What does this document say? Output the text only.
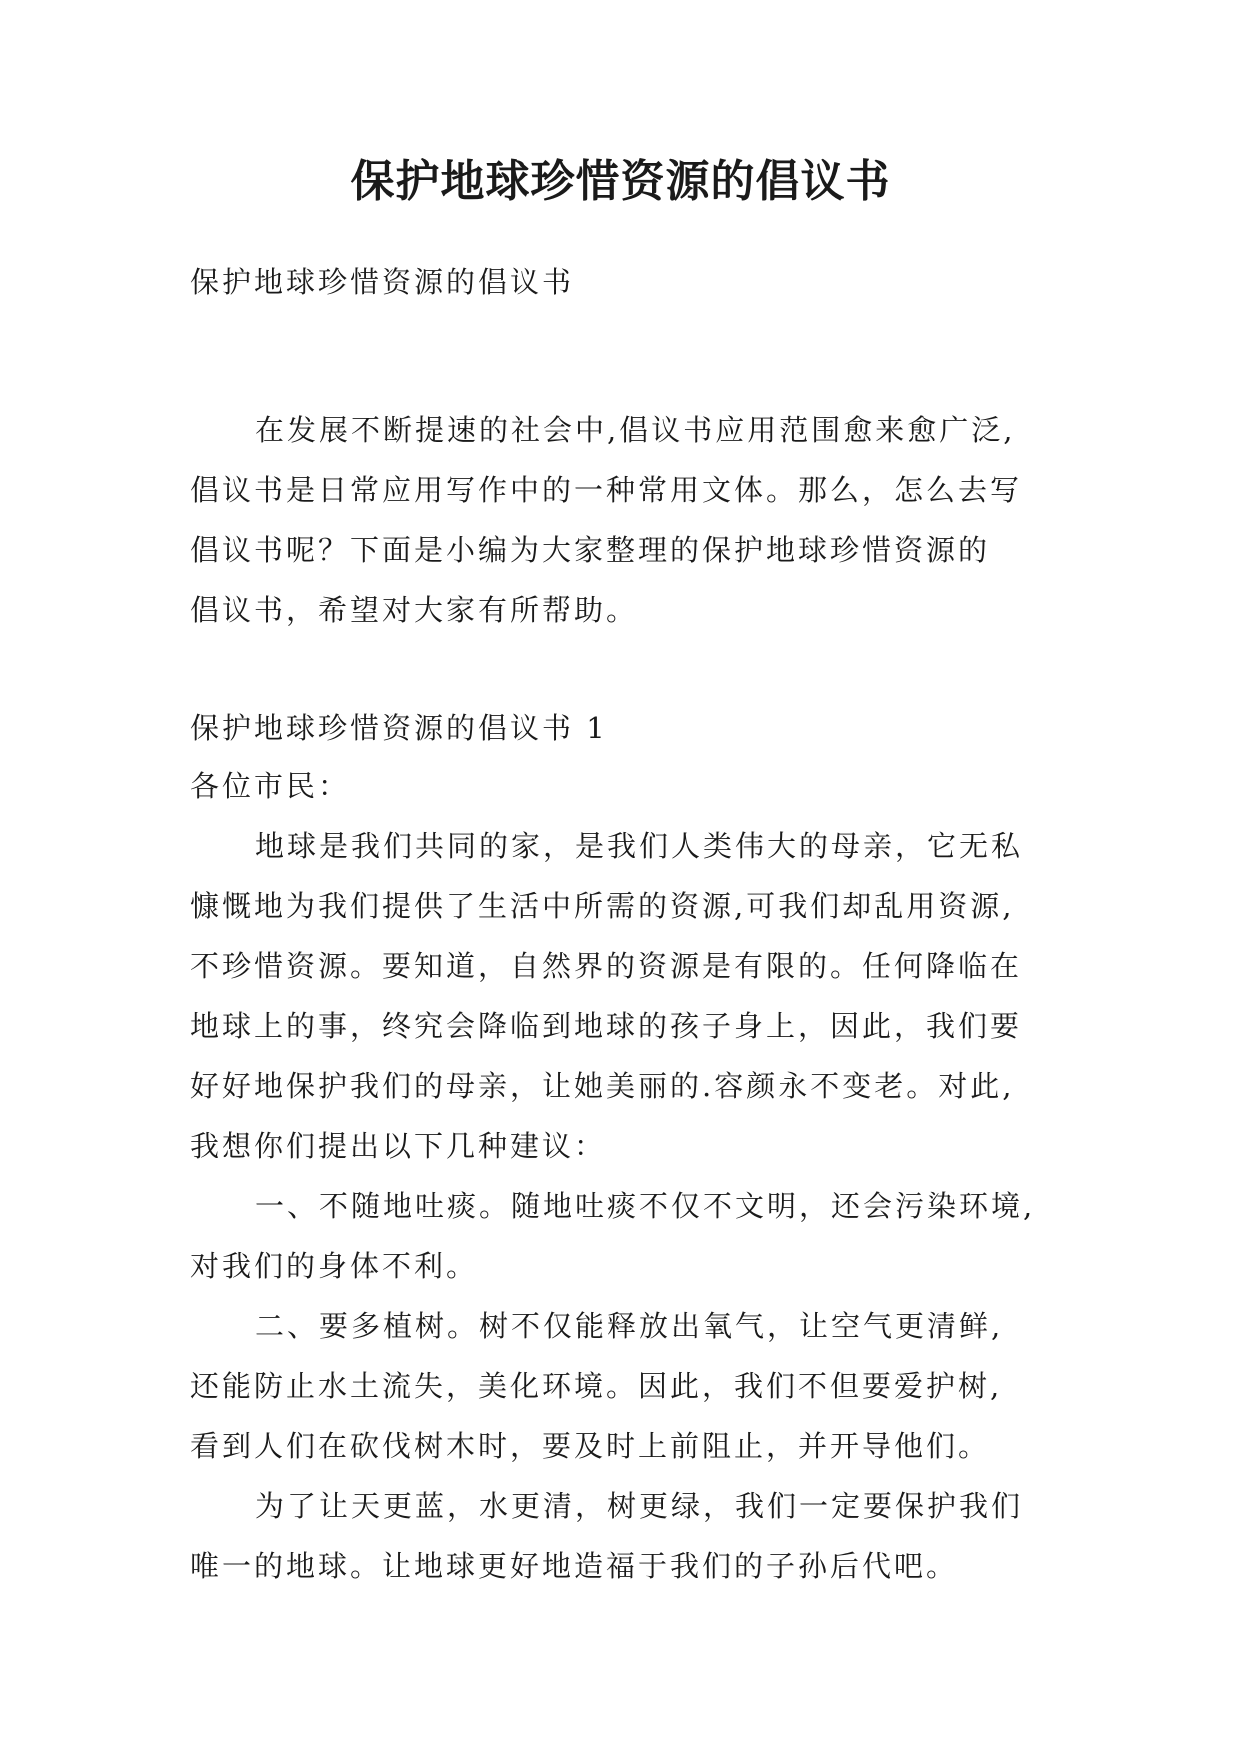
保护地球珍惜资源的倡议书
保护地球珍惜资源的倡议书
在发展不断提速的社会中,倡议书应用范围愈来愈广泛,
倡议书是日常应用写作中的一种常用文体。那么，怎么去写
倡议书呢？下面是小编为大家整理的保护地球珍惜资源的
倡议书，希望对大家有所帮助。
保护地球珍惜资源的倡议书 1
各位市民：
地球是我们共同的家，是我们人类伟大的母亲，它无私
慷慨地为我们提供了生活中所需的资源,可我们却乱用资源,
不珍惜资源。要知道，自然界的资源是有限的。任何降临在
地球上的事，终究会降临到地球的孩子身上，因此，我们要
好好地保护我们的母亲，让她美丽的.容颜永不变老。对此,
我想你们提出以下几种建议：
一、不随地吐痰。随地吐痰不仅不文明，还会污染环境,
对我们的身体不利。
二、要多植树。树不仅能释放出氧气，让空气更清鲜,
还能防止水土流失，美化环境。因此，我们不但要爱护树,
看到人们在砍伐树木时，要及时上前阻止，并开导他们。
为了让天更蓝，水更清，树更绿，我们一定要保护我们
唯一的地球。让地球更好地造福于我们的子孙后代吧。
